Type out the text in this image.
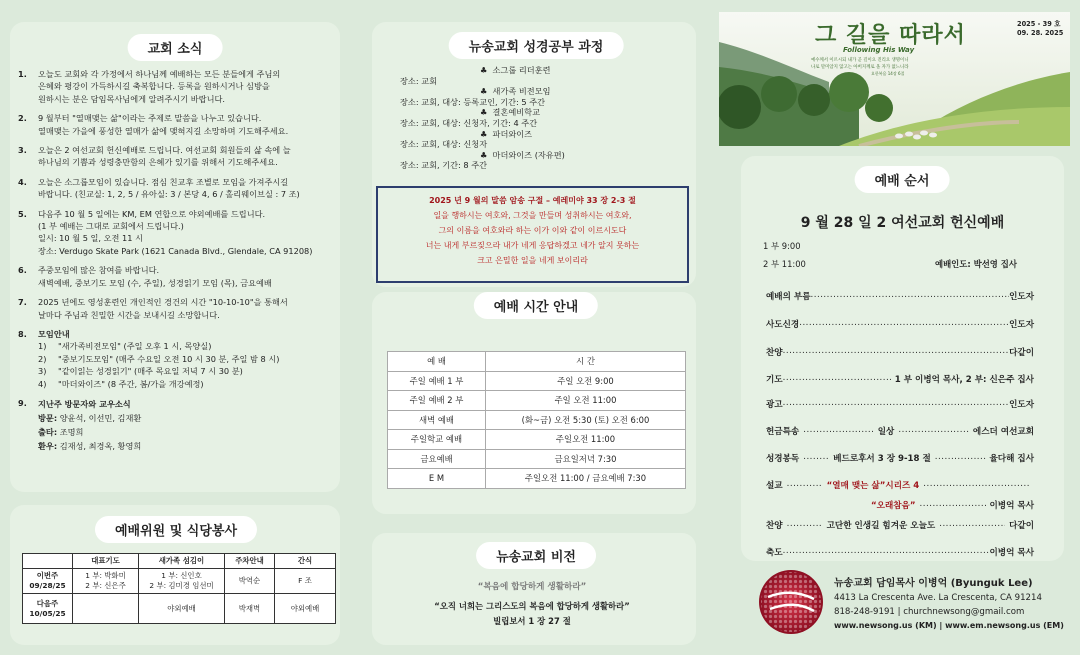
교회 소식
1.	오늘도 교회와 각 가정에서 하나님께 예배하는 모든 분들에게 주님의
은혜와 평강이 가득하시길 축복합니다. 등록을 원하시거나 심방을
원하시는 분은 담임목사님에게 알려주시기 바랍니다.
2.	9 월부터 "열매맺는 삶"이라는 주제로 말씀을 나누고 있습니다.
열매맺는 가을에 풍성한 열매가 삶에 맺혀지길 소망하며 기도해주세요.
3.	오늘은 2 여선교회 헌신예배로 드립니다. 여선교회 회원들의 삶 속에 늘
하나님의 기쁨과 성령충만함의 은혜가 있기를 위해서 기도해주세요.
4.	오늘은 소그룹모임이 있습니다. 점심 친교후 조별로 모임을 가져주시길
바랍니다. (친교실: 1, 2, 5 / 유아실: 3 / 본당 4, 6 / 홀리웨이브실 : 7 조)
5.	다음주 10 월 5 일에는 KM, EM 연합으로 야외예배를 드립니다.
(1 부 예배는 그대로 교회에서 드립니다.)
일시: 10 월 5 일, 오전 11 시
장소: Verdugo Skate Park (1621 Canada Blvd., Glendale, CA 91208)
6.	주중모임에 많은 참여를 바랍니다.
새벽예배, 중보기도 모임 (수, 주일), 성경읽기 모임 (목), 금요예배
7.	2025 년에도 영성훈련인 개인적인 경건의 시간 "10-10-10"을 통해서
날마다 주님과 친밀한 시간을 보내시길 소망합니다.
8.	모임안내
1)	"새가족비전모임" (주일 오후 1 시, 목양실)
2)	"중보기도모임" (매주 수요일 오전 10 시 30 분, 주일 밤 8 시)
3)	"같이읽는 성경읽기" (매주 목요일 저녁 7 시 30 분)
4)	"마더와이즈" (8 주간, 봄/가을 개강예정)
9.	지난주 방문자와 교우소식
방문: 양윤석, 이선민, 김재환
출타: 조명희
환우: 김재성, 최경옥, 황영희
예배위원 및 식당봉사
	대표기도	새가족 섬김이	주차안내	간식
이번주
09/28/25	1 부: 박화미
2 부: 신은주	1 부: 신인호
2 부: 김미경 임선미	박역순	F 조
다음주
10/05/25		야외예배	박재벽	야외예배
뉴송교회 성경공부 과정
♣  소그룹 리더훈련
장소: 교회
♣  새가족 비전모임
장소: 교회, 대상: 등록교인, 기간: 5 주간
♣  결혼예비학교
장소: 교회, 대상: 신청자, 기간: 4 주간
♣  파더와이즈
장소: 교회, 대상: 신청자
♣  마더와이즈 (자유편)
장소: 교회, 기간: 8 주간
2025 년 9 월의 말씀 암송 구절 – 예레미야 33 장 2-3 절
일을 행하시는 여호와, 그것을 만들며 성취하시는 여호와,
그의 이름을 여호와라 하는 이가 이와 같이 이르시도다
너는 내게 부르짖으라 내가 네게 응답하겠고 네가 알지 못하는
크고 은밀한 일을 네게 보이리라
예배 시간 안내
예 배	시 간
주일 예배 1 부	주일 오전 9:00
주일 예배 2 부	주일 오전 11:00
새벽 예배	(화~금) 오전 5:30 (토) 오전 6:00
주일학교 예배	주일오전 11:00
금요예배	금요일저녁 7:30
E M	주일오전 11:00 / 금요예배 7:30
뉴송교회 비전
“복음에 합당하게 생활하라”
“오직 너희는 그리스도의 복음에 합당하게 생활하라”
빌립보서 1 장 27 절
그 길을 따라서
Following His Way
예수께서 이르시되 내가 곧 길이요 진리요 생명이니
나로 말미암지 않고는 아버지께로 올 자가 없느니라
요한복음 14장 6절
2025 - 39 호
09. 28. 2025
예배 순서
9 월 28 일 2 여선교회 헌신예배
1 부 9:00
2 부 11:00	예배인도: 박선영 집사
예배의 부름 .....	인도자
사도신경 .....	인도자
찬양 .....	다같이
기도 .....	1 부 이병억 목사, 2 부: 신은주 집사
광고 .....	인도자
헌금특송 .....	일상 .....	에스더 여선교회
성경봉독 .....	베드로후서 3 장 9-18 절 .....	율다해 집사
설교 .....	“열매 맺는 삶”시리즈 4
.....
“오래참음” .....	이병억 목사
찬양 .....	고단한 인생길 힘겨운 오늘도 .....	다같이
축도 .....	이병억 목사
뉴송교회 담임목사 이병억 (Byunguk Lee)
4413 La Crescenta Ave. La Crescenta, CA 91214
818-248-9191 | churchnewsong@gmail.com
www.newsong.us (KM) | www.em.newsong.us (EM)
